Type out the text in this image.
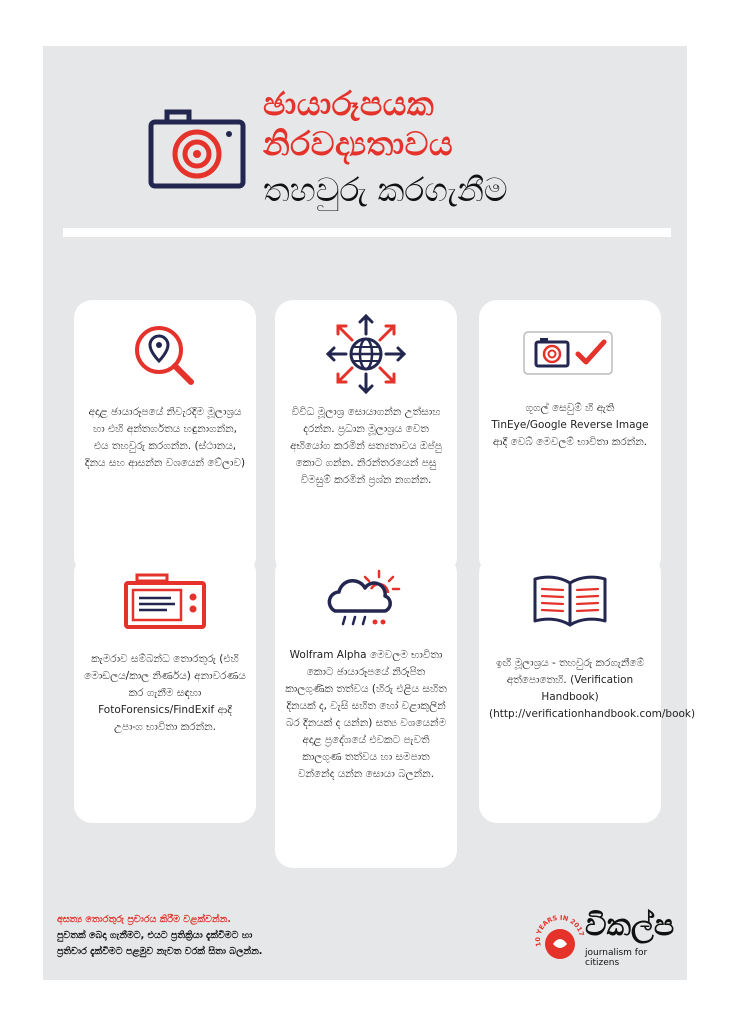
ඡායාරූපයක
නිරවද්‍යතාවය
තහවුරු කරගැනීම
අදාළ ඡායාරූපයේ නිවැරදිම මූලාශ්‍රය හා එහි අන්තර්ගතය හඳුනාගන්න, එය තහවුරු කරගන්න. (ස්ථානය, දිනය සහ ආසන්න වශයෙන් වේලාව)
විවිධ මූලාශ්‍ර සොයාගන්න උත්සාහ දරන්න. ප්‍රධාන මූලාශ්‍රය වෙත අභියෝග කරමින් සත්‍යතාවය ඔප්පු කොට ගන්න. නිරන්තරයෙන් පසු විමසුම් කරමින් ප්‍රශ්න නගන්න.
ගූගල් සෙවුම් හි ඇති TinEye/Google Reverse Image ආදී වෙබ් මෙවලම් භාවිතා කරන්න.
කැමරාව සම්බන්ධ තොරතුරු (එහි මොඩලය/කාල නිර්ණය) අනාවරණය කර ගැනීම සඳහා FotoForensics/FindExif ආදී උපාංග භාවිතා කරන්න.
Wolfram Alpha මෙවලම භාවිතා කොට ඡායාරූපයේ නිරූපිත කාලගුණික තත්වය (හිරු එළිය සහිත දිනයක් ද, වැසි සහිත හෝ වළාකුලින් බර දිනයක් ද යන්න) සත්‍ය වශයෙන්ම අදාළ ප්‍රදේශයේ එවකට පැවති කාලගුණ තත්වය හා සමපාත වන්නේද යන්න සොයා බලන්න.
ඉඟි මූලාශ්‍රය - තහවුරු කරගැනීමේ අත්පොතෙහි. (Verification Handbook) (http://verificationhandbook.com/book)
අසත්‍ය තොරතුරු ප්‍රචාරය කිරීම වළක්වන්න.
පුවතක් බෙදා ගැනීමට, එයට ප්‍රතික්‍රියා දැක්වීමට හා
ප්‍රතිචාර දැක්වීමට පළමුව නැවත වරක් සිතා බලන්න.
10 YEARS IN 2017 විකල්ප
journalism for citizens
